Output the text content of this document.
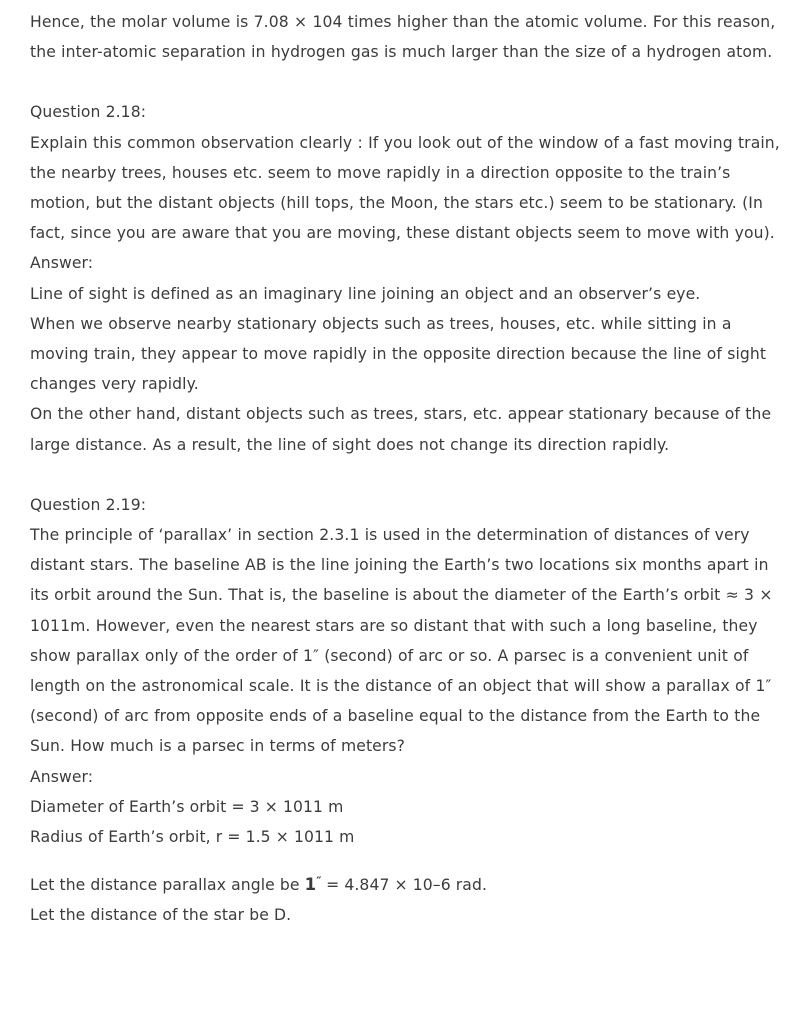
Hence, the molar volume is 7.08 × 104 times higher than the atomic volume. For this reason, the inter-atomic separation in hydrogen gas is much larger than the size of a hydrogen atom.

Question 2.18:

Explain this common observation clearly : If you look out of the window of a fast moving train, the nearby trees, houses etc. seem to move rapidly in a direction opposite to the train’s motion, but the distant objects (hill tops, the Moon, the stars etc.) seem to be stationary. (In fact, since you are aware that you are moving, these distant objects seem to move with you).

Answer:

Line of sight is defined as an imaginary line joining an object and an observer’s eye.

When we observe nearby stationary objects such as trees, houses, etc. while sitting in a moving train, they appear to move rapidly in the opposite direction because the line of sight changes very rapidly.

On the other hand, distant objects such as trees, stars, etc. appear stationary because of the large distance. As a result, the line of sight does not change its direction rapidly.

Question 2.19:

The principle of ‘parallax’ in section 2.3.1 is used in the determination of distances of very distant stars. The baseline AB is the line joining the Earth’s two locations six months apart in its orbit around the Sun. That is, the baseline is about the diameter of the Earth’s orbit ≈ 3 × 1011m. However, even the nearest stars are so distant that with such a long baseline, they show parallax only of the order of 1″ (second) of arc or so. A parsec is a convenient unit of length on the astronomical scale. It is the distance of an object that will show a parallax of 1″ (second) of arc from opposite ends of a baseline equal to the distance from the Earth to the Sun. How much is a parsec in terms of meters?

Answer:

Diameter of Earth’s orbit = 3 × 1011 m

Radius of Earth’s orbit, r = 1.5 × 1011 m

Let the distance parallax angle be 1″ = 4.847 × 10–6 rad.

Let the distance of the star be D.
